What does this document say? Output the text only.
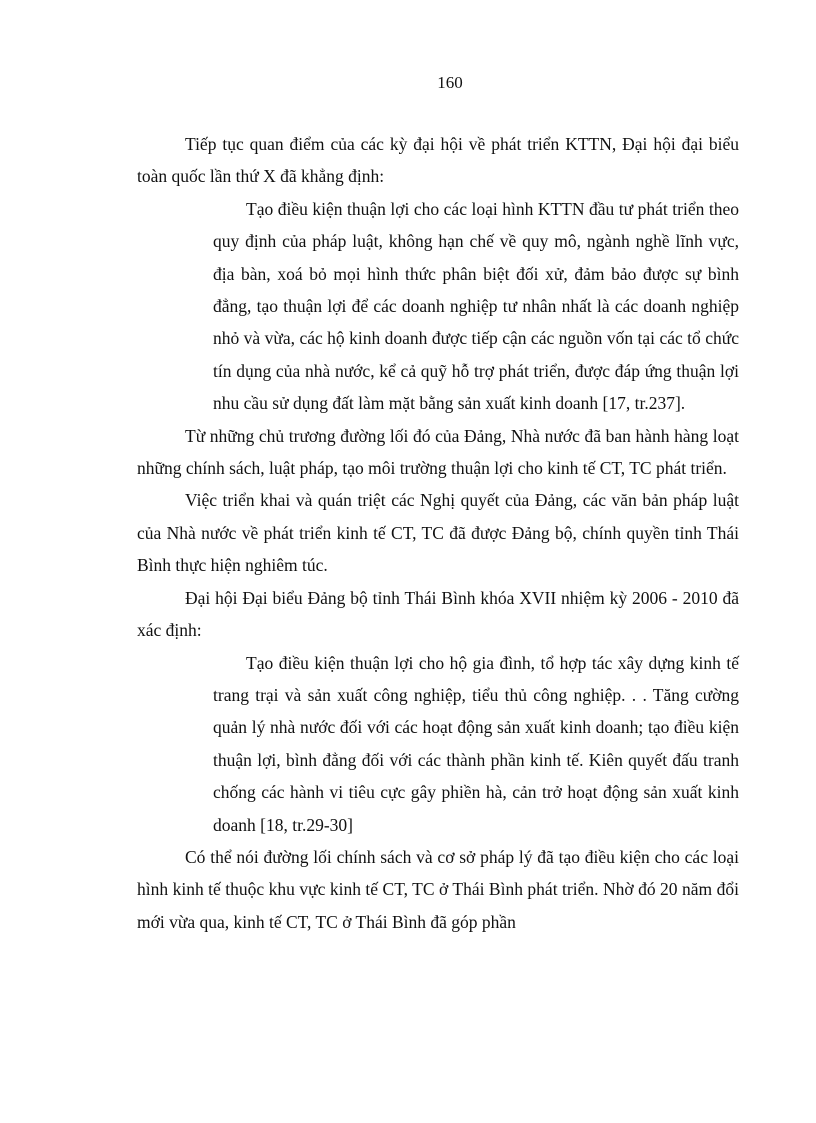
160

Tiếp tục quan điểm của các kỳ đại hội về phát triển KTTN, Đại hội đại biểu toàn quốc lần thứ X đã khẳng định:

Tạo điều kiện thuận lợi cho các loại hình KTTN đầu tư phát triển theo quy định của pháp luật, không hạn chế về quy mô, ngành nghề lĩnh vực, địa bàn, xoá bỏ mọi hình thức phân biệt đối xử, đảm bảo được sự bình đẳng, tạo thuận lợi để các doanh nghiệp tư nhân nhất là các doanh nghiệp nhỏ và vừa, các hộ kinh doanh được tiếp cận các nguồn vốn tại các tổ chức tín dụng của nhà nước, kể cả quỹ hỗ trợ phát triển, được đáp ứng thuận lợi nhu cầu sử dụng đất làm mặt bằng sản xuất kinh doanh [17, tr.237].

Từ những chủ trương đường lối đó của Đảng, Nhà nước đã ban hành hàng loạt những chính sách, luật pháp, tạo môi trường thuận lợi cho kinh tế CT, TC phát triển.

Việc triển khai và quán triệt các Nghị quyết của Đảng, các văn bản pháp luật của Nhà nước về phát triển kinh tế CT, TC đã được Đảng bộ, chính quyền tỉnh Thái Bình thực hiện nghiêm túc.

Đại hội Đại biểu Đảng bộ tỉnh Thái Bình khóa XVII nhiệm kỳ 2006 - 2010 đã xác định:

Tạo điều kiện thuận lợi cho hộ gia đình, tổ hợp tác xây dựng kinh tế trang trại và sản xuất công nghiệp, tiểu thủ công nghiệp. . . Tăng cường quản lý nhà nước đối với các hoạt động sản xuất kinh doanh; tạo điều kiện thuận lợi, bình đẳng đối với các thành phần kinh tế. Kiên quyết đấu tranh chống các hành vi tiêu cực gây phiền hà, cản trở hoạt động sản xuất kinh doanh [18, tr.29-30]

Có thể nói đường lối chính sách và cơ sở pháp lý đã tạo điều kiện cho các loại hình kinh tế thuộc khu vực kinh tế CT, TC ở Thái Bình phát triển. Nhờ đó 20 năm đổi mới vừa qua, kinh tế CT, TC ở Thái Bình đã góp phần
